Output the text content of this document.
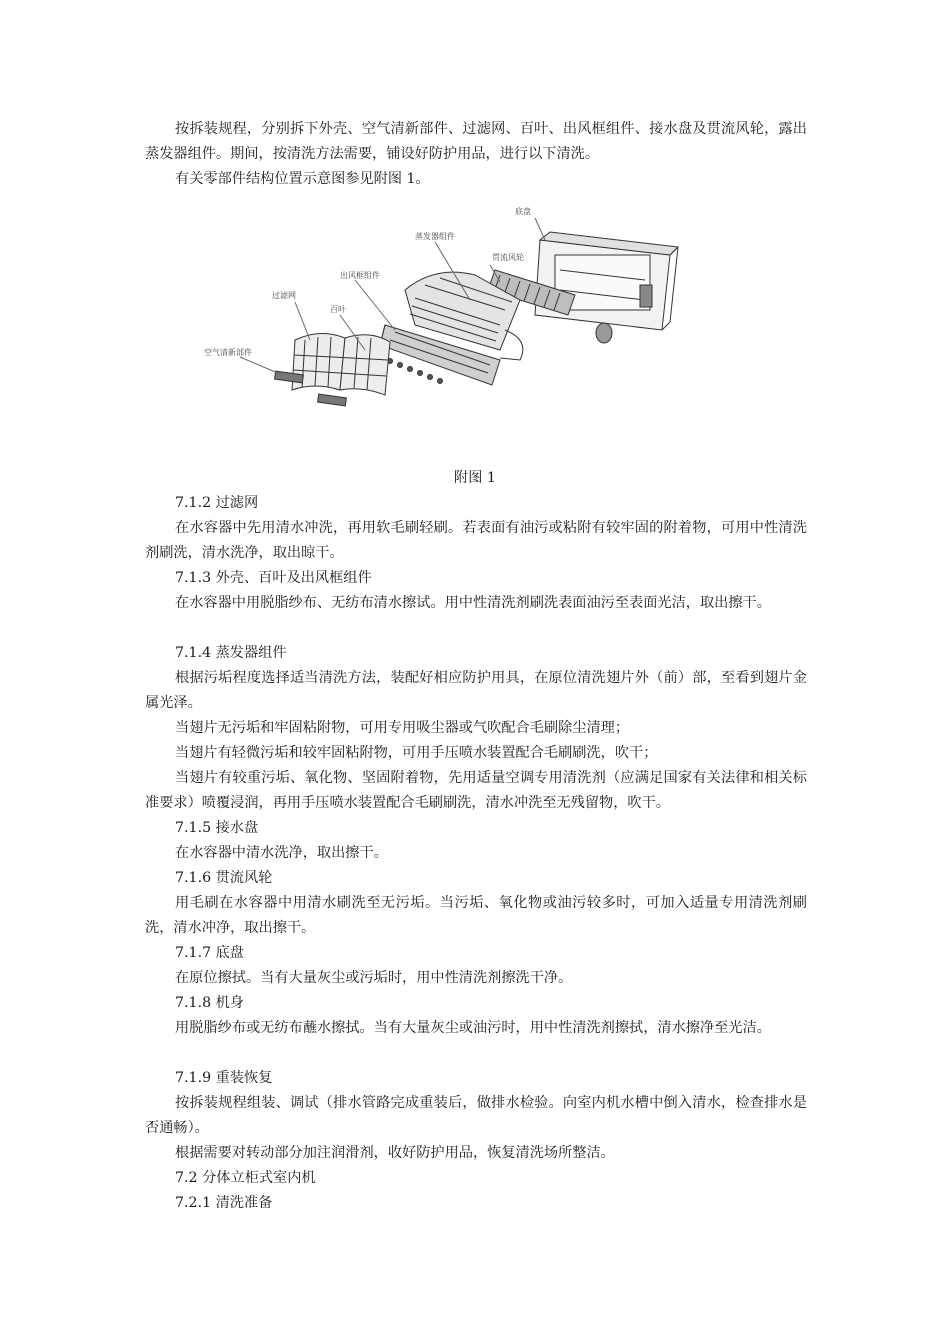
按拆装规程，分别拆下外壳、空气清新部件、过滤网、百叶、出风框组件、接水盘及贯流风轮，露出蒸发器组件。期间，按清洗方法需要，铺设好防护用品，进行以下清洗。

有关零部件结构位置示意图参见附图 1。

底盘
蒸发器组件
贯流风轮
出风框组件
过滤网
百叶
空气清新部件

附图 1

7.1.2 过滤网

在水容器中先用清水冲洗，再用软毛刷轻刷。若表面有油污或粘附有较牢固的附着物，可用中性清洗剂刷洗，清水洗净，取出晾干。

7.1.3 外壳、百叶及出风框组件

在水容器中用脱脂纱布、无纺布清水擦试。用中性清洗剂刷洗表面油污至表面光洁，取出擦干。

7.1.4 蒸发器组件

根据污垢程度选择适当清洗方法，装配好相应防护用具，在原位清洗翅片外（前）部，至看到翅片金属光泽。

当翅片无污垢和牢固粘附物，可用专用吸尘器或气吹配合毛刷除尘清理；

当翅片有轻微污垢和较牢固粘附物，可用手压喷水装置配合毛刷刷洗，吹干；

当翅片有较重污垢、氧化物、坚固附着物，先用适量空调专用清洗剂（应满足国家有关法律和相关标准要求）喷覆浸润，再用手压喷水装置配合毛刷刷洗，清水冲洗至无残留物，吹干。

7.1.5 接水盘

在水容器中清水洗净，取出擦干。

7.1.6 贯流风轮

用毛刷在水容器中用清水刷洗至无污垢。当污垢、氧化物或油污较多时，可加入适量专用清洗剂刷洗，清水冲净，取出擦干。

7.1.7 底盘

在原位擦拭。当有大量灰尘或污垢时，用中性清洗剂擦洗干净。

7.1.8 机身

用脱脂纱布或无纺布蘸水擦拭。当有大量灰尘或油污时，用中性清洗剂擦拭，清水擦净至光洁。

7.1.9 重装恢复

按拆装规程组装、调试（排水管路完成重装后，做排水检验。向室内机水槽中倒入清水，检查排水是否通畅）。

根据需要对转动部分加注润滑剂，收好防护用品，恢复清洗场所整洁。

7.2 分体立柜式室内机

7.2.1 清洗准备
